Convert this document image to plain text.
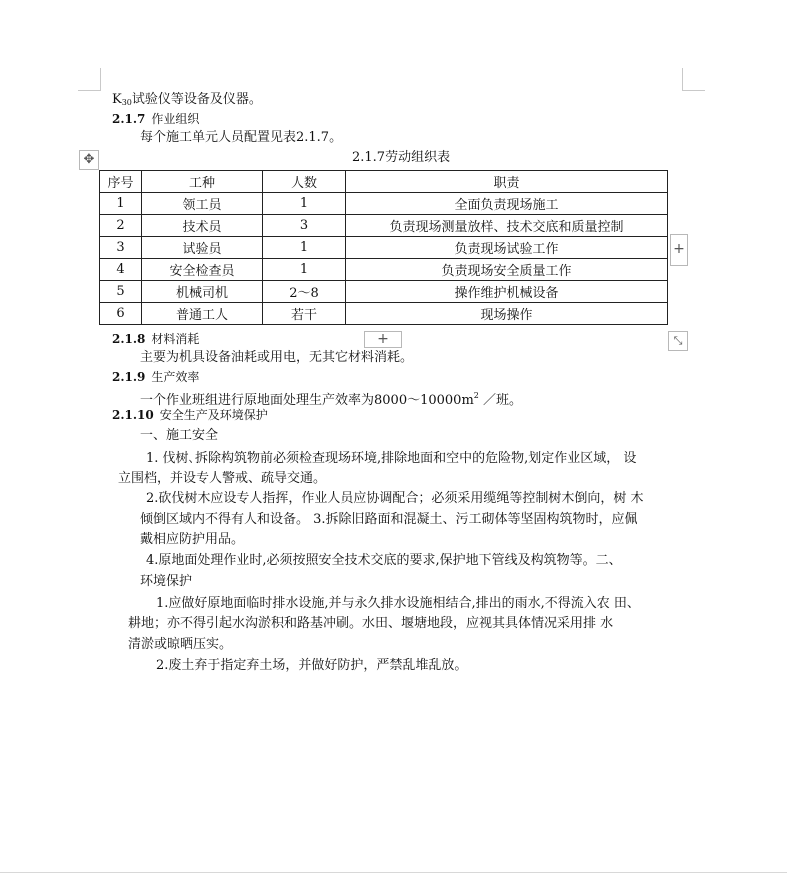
$K_{30}$试验仪等设备及仪器。
2.1.7 作业组织
每个施工单元人员配置见表2.1.7。
✥	2.1.7劳动组织表
序号	工种	人数	职责
1	领工员	1	全面负责现场施工
2	技术员	3	负责现场测量放样、技术交底和质量控制
3	试验员	1	负责现场试验工作
4	安全检查员	1	负责现场安全质量工作
5	机械司机	2～8	操作维护机械设备
6	普通工人	若干	现场操作
+
+	⤡
2.1.8 材料消耗
主要为机具设备油耗或用电，无其它材料消耗。
2.1.9 生产效率
一个作业班组进行原地面处理生产效率为$8000\sim 10000m^2$ ／班。
2.1.10 安全生产及环境保护
一、施工安全
1. 伐树､拆除构筑物前必须检查现场环境,排除地面和空中的危险物,划定作业区域， 设
立围档，并设专人警戒、疏导交通。
2.砍伐树木应设专人指挥，作业人员应协调配合；必须采用缆绳等控制树木倒向，树 木
倾倒区域内不得有人和设备。 3.拆除旧路面和混凝土、污工砌体等坚固构筑物时，应佩
戴相应防护用品。
4.原地面处理作业时,必须按照安全技术交底的要求,保护地下管线及构筑物等。二、
环境保护
1.应做好原地面临时排水设施,并与永久排水设施相结合,排出的雨水,不得流入农 田、
耕地；亦不得引起水沟淤积和路基冲刷。水田、堰塘地段，应视其具体情况采用排 水
清淤或晾晒压实。
2.废土弃于指定弃土场，并做好防护，严禁乱堆乱放。
